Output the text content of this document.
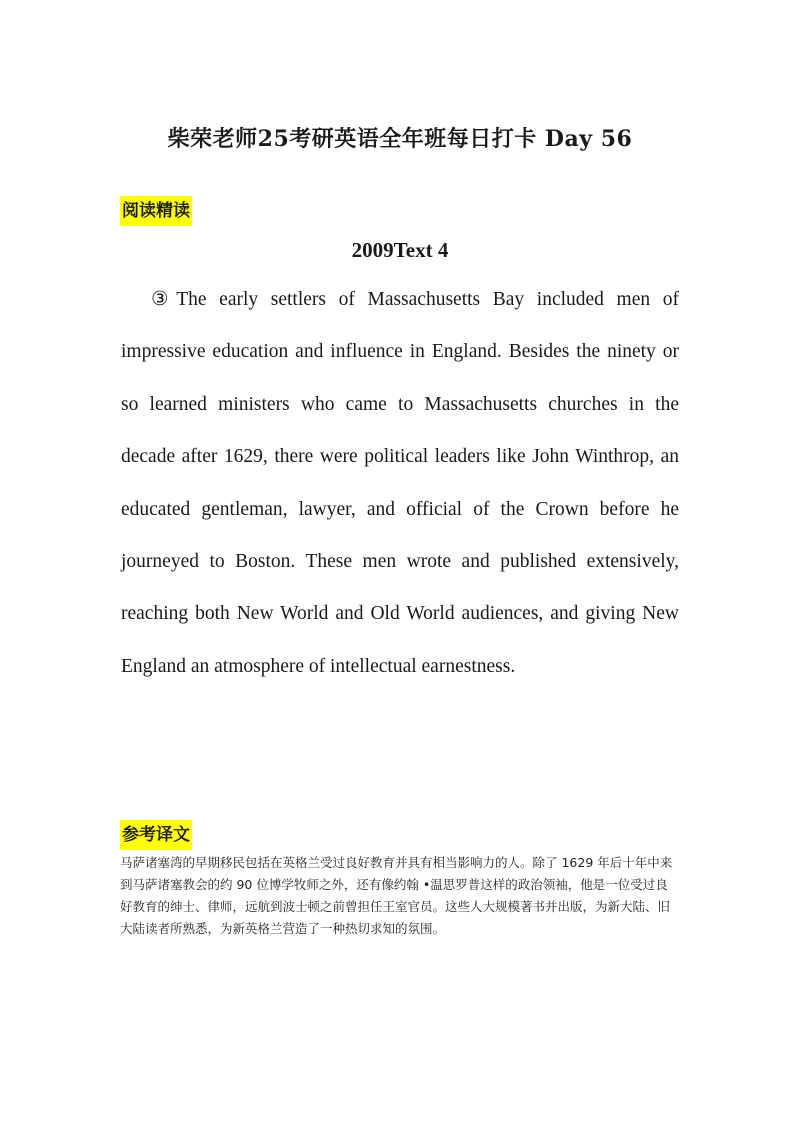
柴荣老师25考研英语全年班每日打卡 Day 56
阅读精读
2009Text 4

③The early settlers of Massachusetts Bay included men of impressive education and influence in England. Besides the ninety or so learned ministers who came to Massachusetts churches in the decade after 1629, there were political leaders like John Winthrop, an educated gentleman, lawyer, and official of the Crown before he journeyed to Boston. These men wrote and published extensively, reaching both New World and Old World audiences, and giving New England an atmosphere of intellectual earnestness.

参考译文

马萨诸塞湾的早期移民包括在英格兰受过良好教育并具有相当影响力的人。除了 1629 年后十年中来到马萨诸塞教会的约 90 位博学牧师之外，还有像约翰 •温思罗普这样的政治领袖，他是一位受过良好教育的绅士、律师，远航到波士顿之前曾担任王室官员。这些人大规模著书并出版，为新大陆、旧大陆读者所熟悉，为新英格兰营造了一种热切求知的氛围。
